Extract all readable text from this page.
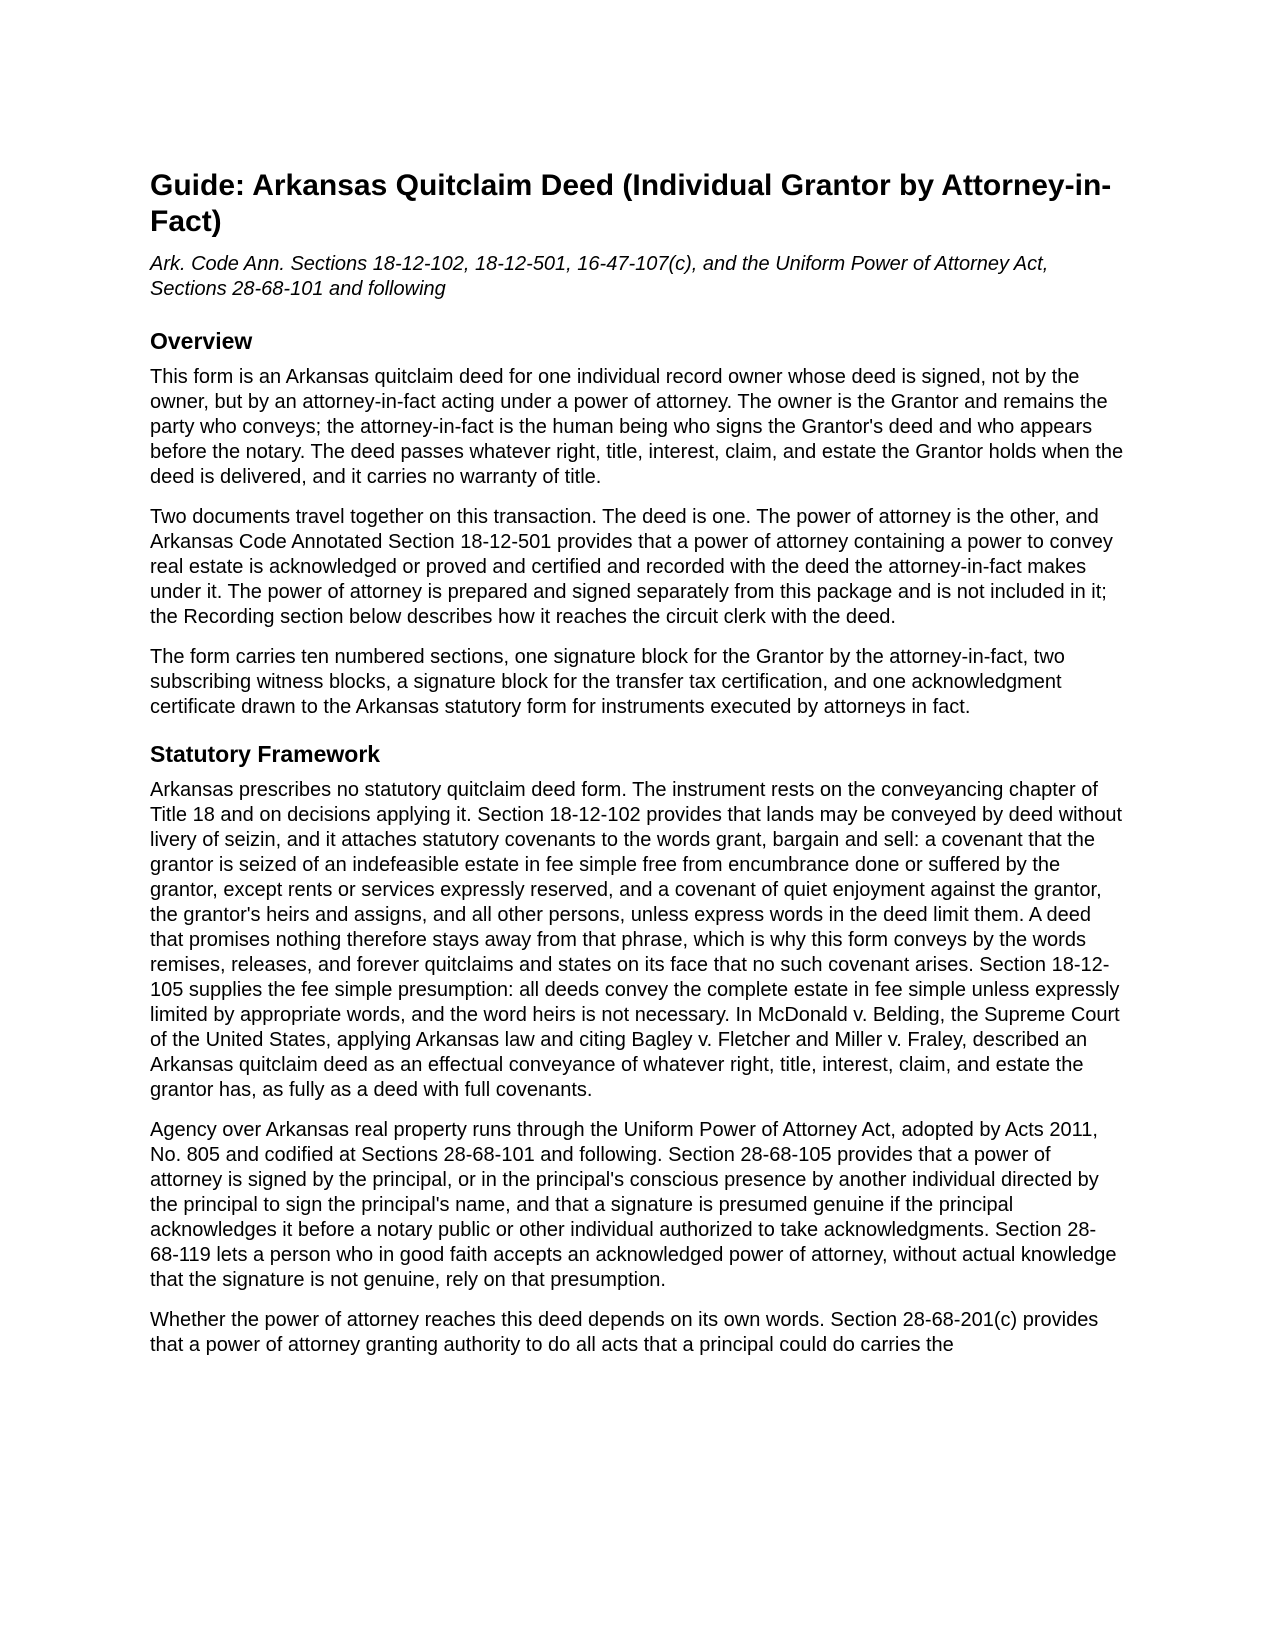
Guide: Arkansas Quitclaim Deed (Individual Grantor by Attorney-in-Fact)

Ark. Code Ann. Sections 18-12-102, 18-12-501, 16-47-107(c), and the Uniform Power of Attorney Act, Sections 28-68-101 and following

Overview

This form is an Arkansas quitclaim deed for one individual record owner whose deed is signed, not by the owner, but by an attorney-in-fact acting under a power of attorney. The owner is the Grantor and remains the party who conveys; the attorney-in-fact is the human being who signs the Grantor's deed and who appears before the notary. The deed passes whatever right, title, interest, claim, and estate the Grantor holds when the deed is delivered, and it carries no warranty of title.

Two documents travel together on this transaction. The deed is one. The power of attorney is the other, and Arkansas Code Annotated Section 18-12-501 provides that a power of attorney containing a power to convey real estate is acknowledged or proved and certified and recorded with the deed the attorney-in-fact makes under it. The power of attorney is prepared and signed separately from this package and is not included in it; the Recording section below describes how it reaches the circuit clerk with the deed.

The form carries ten numbered sections, one signature block for the Grantor by the attorney-in-fact, two subscribing witness blocks, a signature block for the transfer tax certification, and one acknowledgment certificate drawn to the Arkansas statutory form for instruments executed by attorneys in fact.

Statutory Framework

Arkansas prescribes no statutory quitclaim deed form. The instrument rests on the conveyancing chapter of Title 18 and on decisions applying it. Section 18-12-102 provides that lands may be conveyed by deed without livery of seizin, and it attaches statutory covenants to the words grant, bargain and sell: a covenant that the grantor is seized of an indefeasible estate in fee simple free from encumbrance done or suffered by the grantor, except rents or services expressly reserved, and a covenant of quiet enjoyment against the grantor, the grantor's heirs and assigns, and all other persons, unless express words in the deed limit them. A deed that promises nothing therefore stays away from that phrase, which is why this form conveys by the words remises, releases, and forever quitclaims and states on its face that no such covenant arises. Section 18-12-105 supplies the fee simple presumption: all deeds convey the complete estate in fee simple unless expressly limited by appropriate words, and the word heirs is not necessary. In McDonald v. Belding, the Supreme Court of the United States, applying Arkansas law and citing Bagley v. Fletcher and Miller v. Fraley, described an Arkansas quitclaim deed as an effectual conveyance of whatever right, title, interest, claim, and estate the grantor has, as fully as a deed with full covenants.

Agency over Arkansas real property runs through the Uniform Power of Attorney Act, adopted by Acts 2011, No. 805 and codified at Sections 28-68-101 and following. Section 28-68-105 provides that a power of attorney is signed by the principal, or in the principal's conscious presence by another individual directed by the principal to sign the principal's name, and that a signature is presumed genuine if the principal acknowledges it before a notary public or other individual authorized to take acknowledgments. Section 28-68-119 lets a person who in good faith accepts an acknowledged power of attorney, without actual knowledge that the signature is not genuine, rely on that presumption.

Whether the power of attorney reaches this deed depends on its own words. Section 28-68-201(c) provides that a power of attorney granting authority to do all acts that a principal could do carries the
